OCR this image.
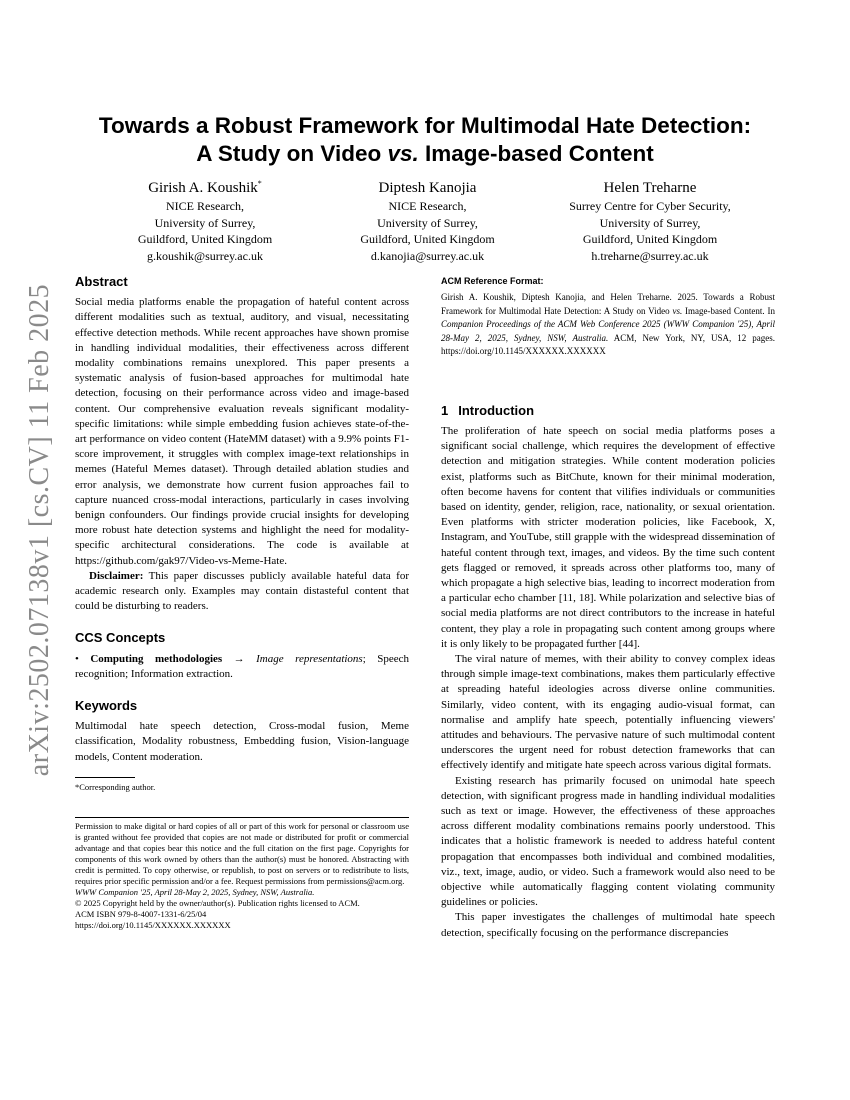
arXiv:2502.07138v1 [cs.CV] 11 Feb 2025
Towards a Robust Framework for Multimodal Hate Detection:
A Study on Video vs. Image-based Content
Girish A. Koushik*
NICE Research,
University of Surrey,
Guildford, United Kingdom
g.koushik@surrey.ac.uk
Diptesh Kanojia
NICE Research,
University of Surrey,
Guildford, United Kingdom
d.kanojia@surrey.ac.uk
Helen Treharne
Surrey Centre for Cyber Security,
University of Surrey,
Guildford, United Kingdom
h.treharne@surrey.ac.uk
Abstract

Social media platforms enable the propagation of hateful content across different modalities such as textual, auditory, and visual, necessitating effective detection methods. While recent approaches have shown promise in handling individual modalities, their effectiveness across different modality combinations remains unexplored. This paper presents a systematic analysis of fusion-based approaches for multimodal hate detection, focusing on their performance across video and image-based content. Our comprehensive evaluation reveals significant modality-specific limitations: while simple embedding fusion achieves state-of-the-art performance on video content (HateMM dataset) with a 9.9% points F1-score improvement, it struggles with complex image-text relationships in memes (Hateful Memes dataset). Through detailed ablation studies and error analysis, we demonstrate how current fusion approaches fail to capture nuanced cross-modal interactions, particularly in cases involving benign confounders. Our findings provide crucial insights for developing more robust hate detection systems and highlight the need for modality-specific architectural considerations. The code is available at https://github.com/gak97/Video-vs-Meme-Hate.

Disclaimer: This paper discusses publicly available hateful data for academic research only. Examples may contain distasteful content that could be disturbing to readers.

CCS Concepts

• Computing methodologies → Image representations; Speech recognition; Information extraction.

Keywords

Multimodal hate speech detection, Cross-modal fusion, Meme classification, Modality robustness, Embedding fusion, Vision-language models, Content moderation.

*Corresponding author.

Permission to make digital or hard copies of all or part of this work for personal or classroom use is granted without fee provided that copies are not made or distributed for profit or commercial advantage and that copies bear this notice and the full citation on the first page. Copyrights for components of this work owned by others than the author(s) must be honored. Abstracting with credit is permitted. To copy otherwise, or republish, to post on servers or to redistribute to lists, requires prior specific permission and/or a fee. Request permissions from permissions@acm.org.

WWW Companion '25, April 28-May 2, 2025, Sydney, NSW, Australia.

© 2025 Copyright held by the owner/author(s). Publication rights licensed to ACM.

ACM ISBN 979-8-4007-1331-6/25/04

https://doi.org/10.1145/XXXXXX.XXXXXX

ACM Reference Format:

Girish A. Koushik, Diptesh Kanojia, and Helen Treharne. 2025. Towards a Robust Framework for Multimodal Hate Detection: A Study on Video vs. Image-based Content. In Companion Proceedings of the ACM Web Conference 2025 (WWW Companion '25), April 28-May 2, 2025, Sydney, NSW, Australia. ACM, New York, NY, USA, 12 pages. https://doi.org/10.1145/XXXXXX.XXXXXX

1 Introduction

The proliferation of hate speech on social media platforms poses a significant social challenge, which requires the development of effective detection and mitigation strategies. While content moderation policies exist, platforms such as BitChute, known for their minimal moderation, often become havens for content that vilifies individuals or communities based on identity, gender, religion, race, nationality, or sexual orientation. Even platforms with stricter moderation policies, like Facebook, X, Instagram, and YouTube, still grapple with the widespread dissemination of hateful content through text, images, and videos. By the time such content gets flagged or removed, it spreads across other platforms too, many of which propagate a high selective bias, leading to incorrect moderation from a particular echo chamber [11, 18]. While polarization and selective bias of social media platforms are not direct contributors to the increase in hateful content, they play a role in propagating such content among groups where it is only likely to be propagated further [44].

The viral nature of memes, with their ability to convey complex ideas through simple image-text combinations, makes them particularly effective at spreading hateful ideologies across diverse online communities. Similarly, video content, with its engaging audio-visual format, can normalise and amplify hate speech, potentially influencing viewers' attitudes and behaviours. The pervasive nature of such multimodal content underscores the urgent need for robust detection frameworks that can effectively identify and mitigate hate speech across various digital formats.

Existing research has primarily focused on unimodal hate speech detection, with significant progress made in handling individual modalities such as text or image. However, the effectiveness of these approaches across different modality combinations remains poorly understood. This indicates that a holistic framework is needed to address hateful content propagation that encompasses both individual and combined modalities, viz., text, image, audio, or video. Such a framework would also need to be objective while automatically flagging content violating community guidelines or policies.

This paper investigates the challenges of multimodal hate speech detection, specifically focusing on the performance discrepancies
